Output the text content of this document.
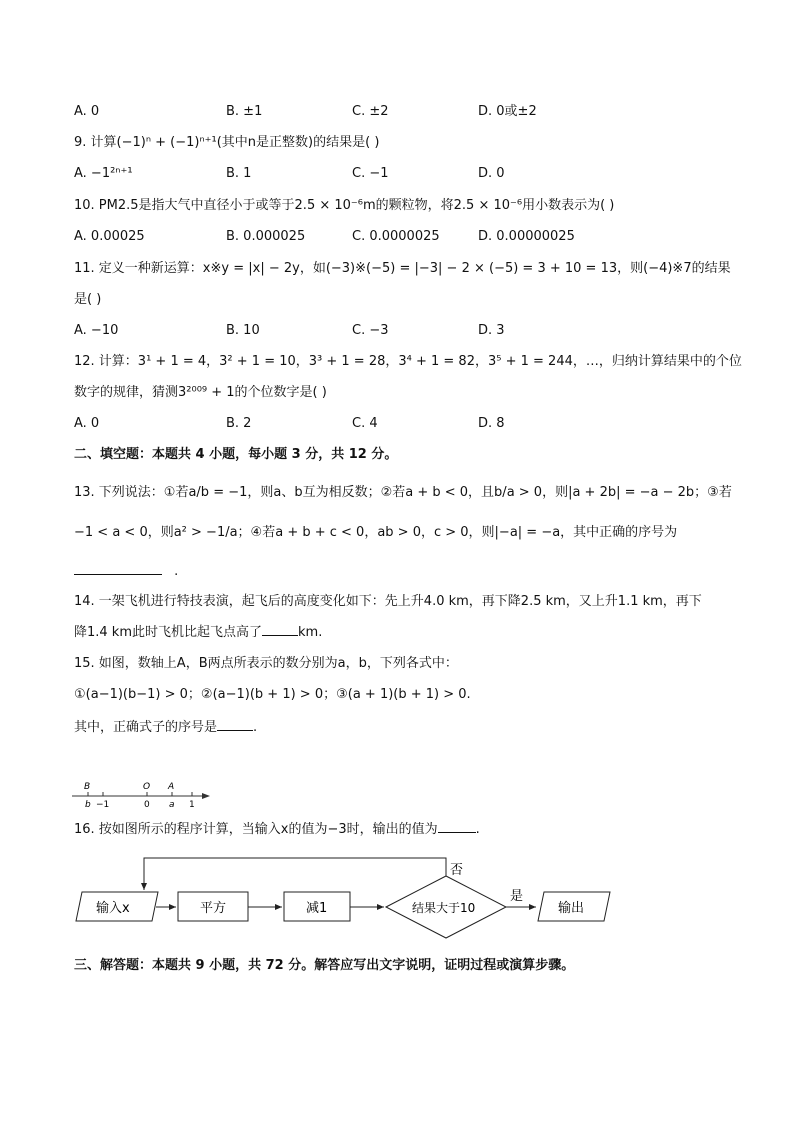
A. 0	B. ±1	C. ±2	D. 0或±2
9. 计算(−1)ⁿ + (−1)ⁿ⁺¹(其中n是正整数)的结果是( )
A. −1²ⁿ⁺¹	B. 1	C. −1	D. 0
10. PM2.5是指大气中直径小于或等于2.5 × 10⁻⁶m的颗粒物，将2.5 × 10⁻⁶用小数表示为( )
A. 0.00025	B. 0.000025	C. 0.0000025	D. 0.00000025
11. 定义一种新运算：x※y = |x| − 2y，如(−3)※(−5) = |−3| − 2 × (−5) = 3 + 10 = 13，则(−4)※7的结果
是( )
A. −10	B. 10	C. −3	D. 3
12. 计算：3¹ + 1 = 4，3² + 1 = 10，3³ + 1 = 28，3⁴ + 1 = 82，3⁵ + 1 = 244，…，归纳计算结果中的个位
数字的规律，猜测3²⁰⁰⁹ + 1的个位数字是( )
A. 0	B. 2	C. 4	D. 8
二、填空题：本题共 4 小题，每小题 3 分，共 12 分。
13. 下列说法：①若a/b = −1，则a、b互为相反数；②若a + b < 0，且b/a > 0，则|a + 2b| = −a − 2b；③若
−1 < a < 0，则a² > −1/a；④若a + b + c < 0，ab > 0，c > 0，则|−a| = −a，其中正确的序号为
.
14. 一架飞机进行特技表演，起飞后的高度变化如下：先上升4.0 km，再下降2.5 km，又上升1.1 km，再下
降1.4 km此时飞机比起飞点高了	km.
15. 如图，数轴上A，B两点所表示的数分别为a，b，下列各式中：
①(a−1)(b−1) > 0；②(a−1)(b + 1) > 0；③(a + 1)(b + 1) > 0.
其中，正确式子的序号是	.
B	O A
b −1	0 a 1
16. 按如图所示的程序计算，当输入x的值为−3时，输出的值为	.
输入x	平方	减1	结果大于10
是
输出
否
三、解答题：本题共 9 小题，共 72 分。解答应写出文字说明，证明过程或演算步骤。
